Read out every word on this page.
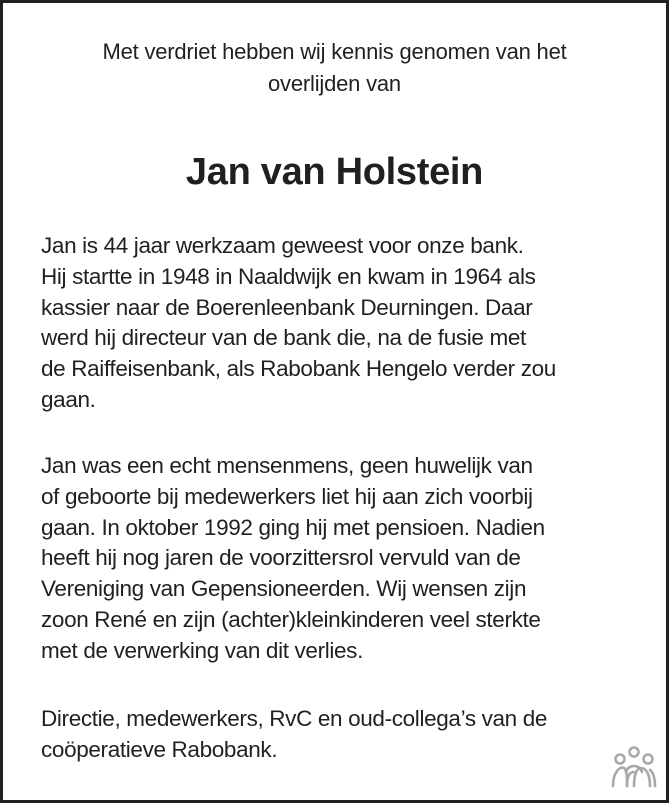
Met verdriet hebben wij kennis genomen van het
overlijden van
Jan van Holstein
Jan is 44 jaar werkzaam geweest voor onze bank.
Hij startte in 1948 in Naaldwijk en kwam in 1964 als
kassier naar de Boerenleenbank Deurningen. Daar
werd hij directeur van de bank die, na de fusie met
de Raiffeisenbank, als Rabobank Hengelo verder zou
gaan.
Jan was een echt mensenmens, geen huwelijk van
of geboorte bij medewerkers liet hij aan zich voorbij
gaan. In oktober 1992 ging hij met pensioen. Nadien
heeft hij nog jaren de voorzittersrol vervuld van de
Vereniging van Gepensioneerden. Wij wensen zijn
zoon René en zijn (achter)kleinkinderen veel sterkte
met de verwerking van dit verlies.
Directie, medewerkers, RvC en oud-collega’s van de
coöperatieve Rabobank.
